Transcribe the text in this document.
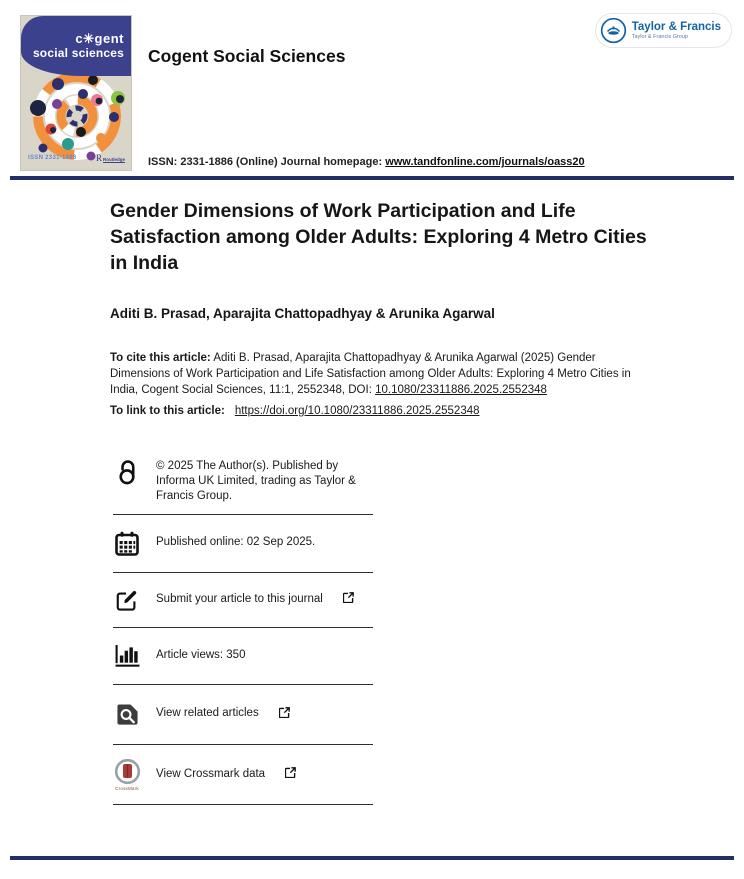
c✳gent
social sciences
ISSN 2331-1886 R Routledge
Cogent Social Sciences
Taylor & Francis
Taylor & Francis Group
ISSN: 2331-1886 (Online) Journal homepage: www.tandfonline.com/journals/oass20
Gender Dimensions of Work Participation and Life Satisfaction among Older Adults: Exploring 4 Metro Cities in India
Aditi B. Prasad, Aparajita Chattopadhyay & Arunika Agarwal
To cite this article: Aditi B. Prasad, Aparajita Chattopadhyay & Arunika Agarwal (2025) Gender Dimensions of Work Participation and Life Satisfaction among Older Adults: Exploring 4 Metro Cities in India, Cogent Social Sciences, 11:1, 2552348, DOI: 10.1080/23311886.2025.2552348
To link to this article: https://doi.org/10.1080/23311886.2025.2552348
© 2025 The Author(s). Published by Informa UK Limited, trading as Taylor & Francis Group.
Published online: 02 Sep 2025.
Submit your article to this journal
Article views: 350
View related articles
CrossMark
View Crossmark data
